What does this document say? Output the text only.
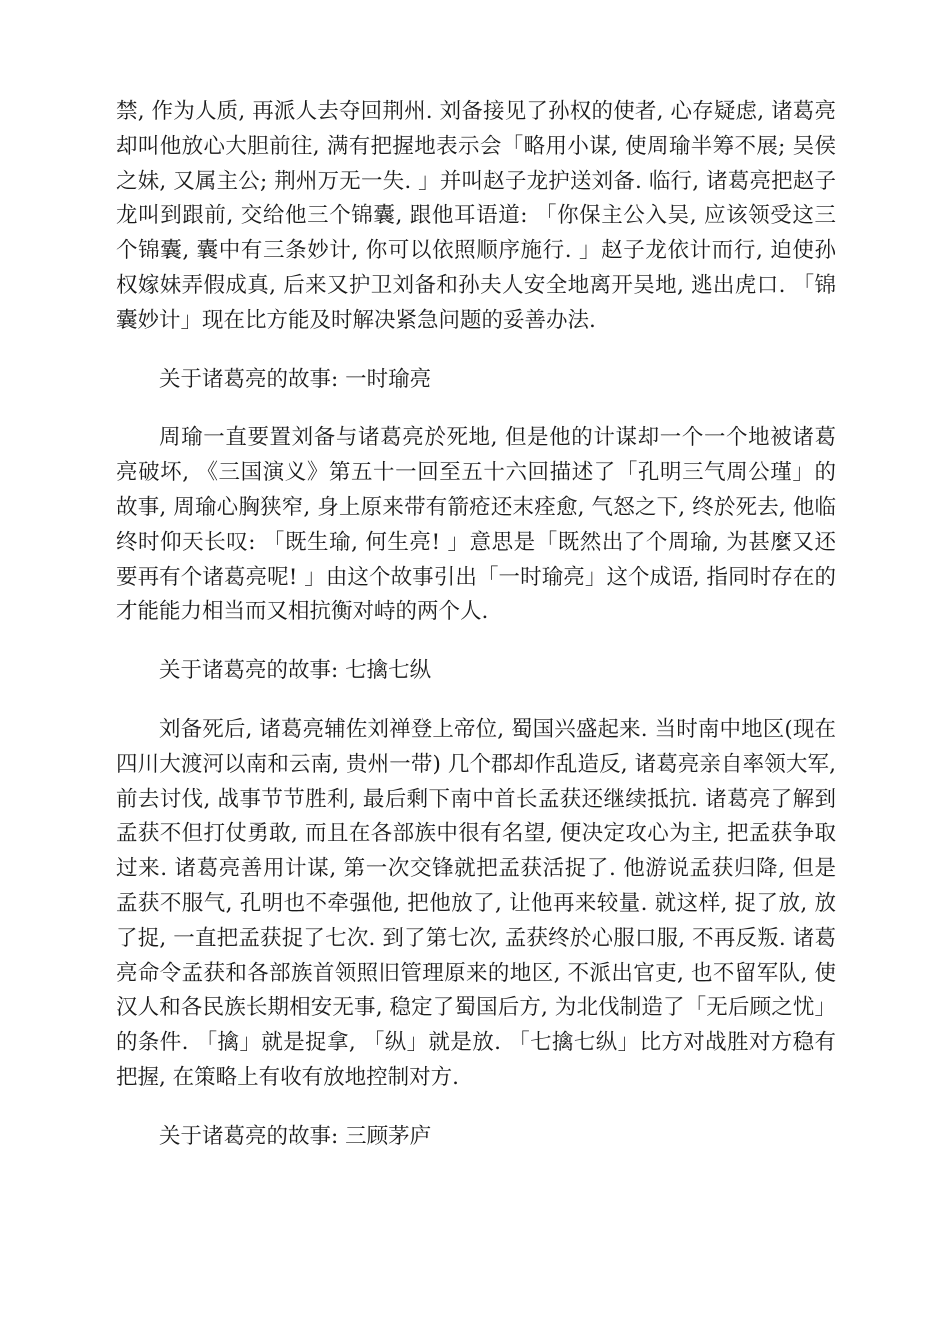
禁, 作为人质, 再派人去夺回荆州. 刘备接见了孙权的使者, 心存疑虑, 诸葛亮却叫他放心大胆前往, 满有把握地表示会「略用小谋, 使周瑜半筹不展; 吴侯之妹, 又属主公; 荆州万无一失. 」并叫赵子龙护送刘备. 临行, 诸葛亮把赵子龙叫到跟前, 交给他三个锦囊, 跟他耳语道: 「你保主公入吴, 应该领受这三个锦囊, 囊中有三条妙计, 你可以依照顺序施行. 」赵子龙依计而行, 迫使孙权嫁妹弄假成真, 后来又护卫刘备和孙夫人安全地离开吴地, 逃出虎口. 「锦囊妙计」现在比方能及时解决紧急问题的妥善办法.

关于诸葛亮的故事: 一时瑜亮

周瑜一直要置刘备与诸葛亮於死地, 但是他的计谋却一个一个地被诸葛亮破坏, 《三国演义》第五十一回至五十六回描述了「孔明三气周公瑾」的故事, 周瑜心胸狭窄, 身上原来带有箭疮还末痊愈, 气怒之下, 终於死去, 他临终时仰天长叹: 「既生瑜, 何生亮! 」意思是「既然出了个周瑜, 为甚麼又还要再有个诸葛亮呢! 」由这个故事引出「一时瑜亮」这个成语, 指同时存在的才能能力相当而又相抗衡对峙的两个人.

关于诸葛亮的故事: 七擒七纵

刘备死后, 诸葛亮辅佐刘禅登上帝位, 蜀国兴盛起来. 当时南中地区(现在四川大渡河以南和云南, 贵州一带) 几个郡却作乱造反, 诸葛亮亲自率领大军, 前去讨伐, 战事节节胜利, 最后剩下南中首长孟获还继续抵抗. 诸葛亮了解到孟获不但打仗勇敢, 而且在各部族中很有名望, 便决定攻心为主, 把孟获争取过来. 诸葛亮善用计谋, 第一次交锋就把孟获活捉了. 他游说孟获归降, 但是孟获不服气, 孔明也不牵强他, 把他放了, 让他再来较量. 就这样, 捉了放, 放了捉, 一直把孟获捉了七次. 到了第七次, 孟获终於心服口服, 不再反叛. 诸葛亮命令孟获和各部族首领照旧管理原来的地区, 不派出官吏, 也不留军队, 使汉人和各民族长期相安无事, 稳定了蜀国后方, 为北伐制造了「无后顾之忧」的条件. 「擒」就是捉拿, 「纵」就是放. 「七擒七纵」比方对战胜对方稳有把握, 在策略上有收有放地控制对方.

关于诸葛亮的故事: 三顾茅庐
